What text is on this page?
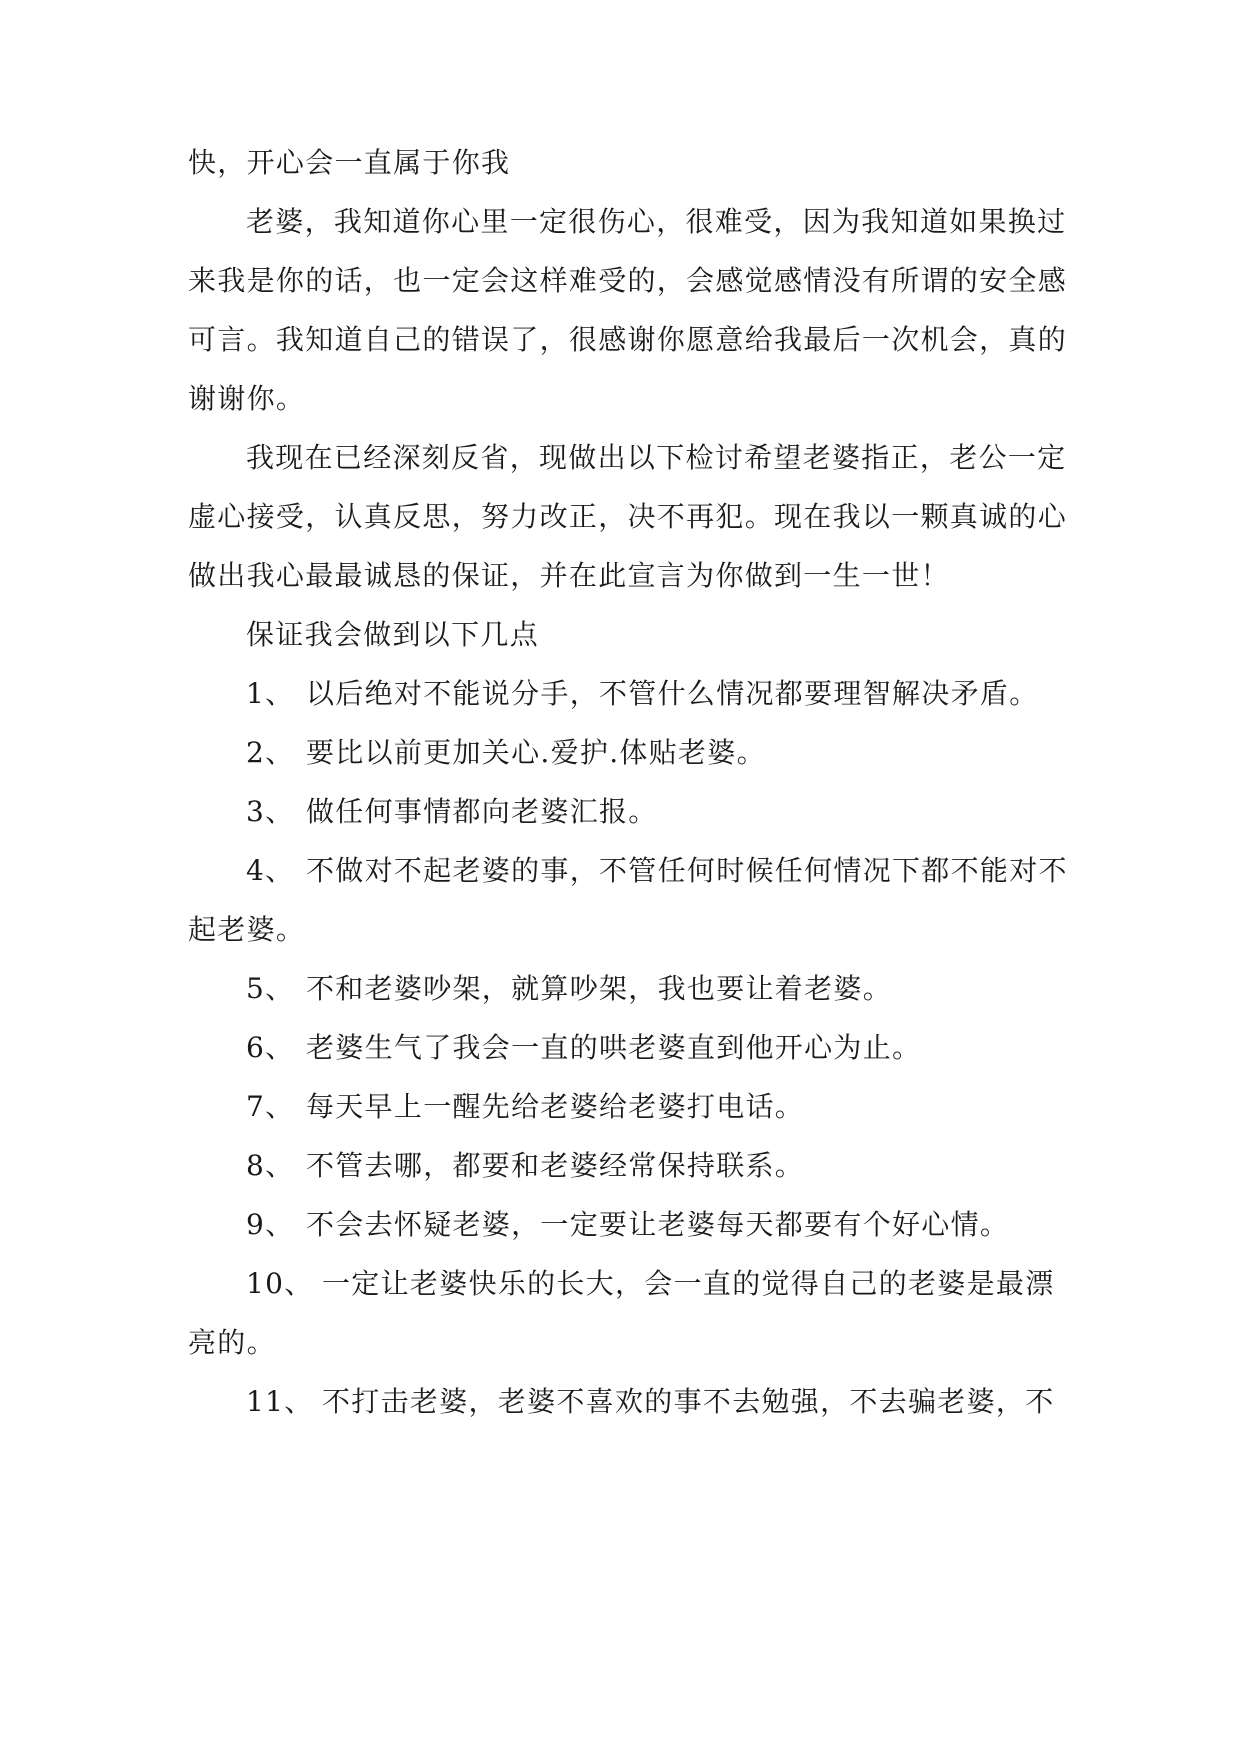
快，开心会一直属于你我
老婆，我知道你心里一定很伤心，很难受，因为我知道如果换过
来我是你的话，也一定会这样难受的，会感觉感情没有所谓的安全感
可言。我知道自己的错误了，很感谢你愿意给我最后一次机会，真的
谢谢你。
我现在已经深刻反省，现做出以下检讨希望老婆指正，老公一定
虚心接受，认真反思，努力改正，决不再犯。现在我以一颗真诚的心
做出我心最最诚恳的保证，并在此宣言为你做到一生一世！
保证我会做到以下几点
1、 以后绝对不能说分手，不管什么情况都要理智解决矛盾。
2、 要比以前更加关心.爱护.体贴老婆。
3、 做任何事情都向老婆汇报。
4、 不做对不起老婆的事，不管任何时候任何情况下都不能对不
起老婆。
5、 不和老婆吵架，就算吵架，我也要让着老婆。
6、 老婆生气了我会一直的哄老婆直到他开心为止。
7、 每天早上一醒先给老婆给老婆打电话。
8、 不管去哪，都要和老婆经常保持联系。
9、 不会去怀疑老婆，一定要让老婆每天都要有个好心情。
10、 一定让老婆快乐的长大，会一直的觉得自己的老婆是最漂
亮的。
11、 不打击老婆，老婆不喜欢的事不去勉强，不去骗老婆，不
